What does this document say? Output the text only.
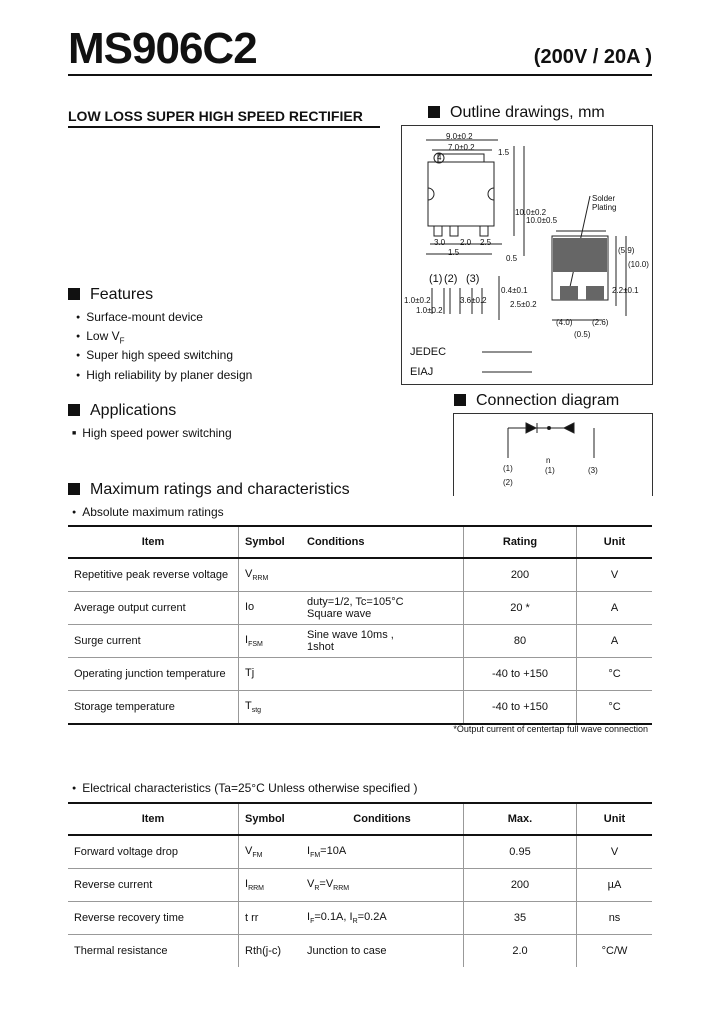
MS906C2	(200V / 20A )
LOW LOSS SUPER HIGH SPEED RECTIFIER	Outline drawings, mm
9.0±0.2
7.0±0.2
4
1.5
10.0±0.2
10.0±0.5
3.0 2.0 2.5
1.5
0.5
(1) (2) (3)
1.0±0.2
1.0±0.2
3.6±0.2
0.4±0.1
2.5±0.2
Solder Plating
(5.9)
(10.0)
2.2±0.1
(4.0)
(0.5)
(2.6)
JEDEC
EIAJ
Features
● Surface-mount device
● Low $V_F$
● Super high speed switching
● High reliability by planer design
Applications
■ High speed power switching
Connection diagram
(1)
(2)
n
(1)	(3)
Maximum ratings and characteristics
● Absolute maximum ratings
Item	Symbol	Conditions	Rating	Unit
Repetitive peak reverse voltage	$V_{RRM}$		200	V
Average output current	Io	duty=1/2, Tc=105°C
Square wave	20 *	A
Surge current	$I_{FSM}$	Sine wave 10ms ,
1shot	80	A
Operating junction temperature	Tj		-40 to +150	°C
Storage temperature	$T_{stg}$		-40 to +150	°C
*Output current of centertap full wave connection
● Electrical characteristics (Ta=25°C Unless otherwise specified )
Item	Symbol	Conditions	Max.	Unit
Forward voltage drop	$V_{FM}$	$I_{FM}=10A$	0.95	V
Reverse current	$I_{RRM}$	$V_R=V_{RRM}$	200	µA
Reverse recovery time	t rr	$I_F=0.1A$, $I_R=0.2A$	35	ns
Thermal resistance	Rth(j-c)	Junction to case	2.0	°C/W
